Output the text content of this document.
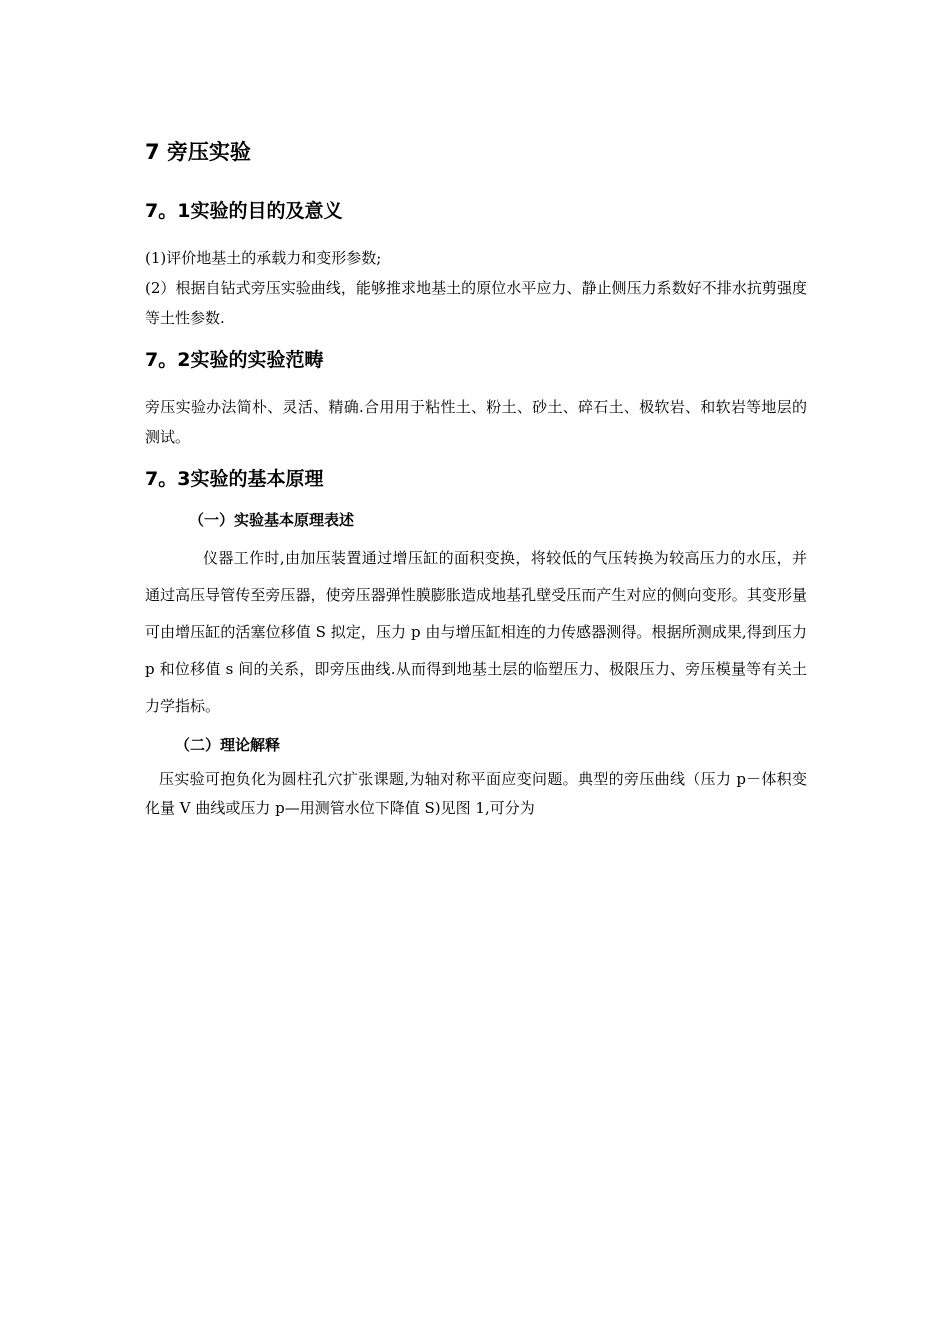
7 旁压实验
7。1实验的目的及意义

(1)评价地基土的承载力和变形参数;

(2）根据自钻式旁压实验曲线，能够推求地基土的原位水平应力、静止侧压力系数好不排水抗剪强度等土性参数.

7。2实验的实验范畴

旁压实验办法简朴、灵活、精确.合用用于粘性土、粉土、砂土、碎石土、极软岩、和软岩等地层的测试。

7。3实验的基本原理
（一）实验基本原理表述

仪器工作时,由加压装置通过增压缸的面积变换，将较低的气压转换为较高压力的水压，并通过高压导管传至旁压器，使旁压器弹性膜膨胀造成地基孔壁受压而产生对应的侧向变形。其变形量可由增压缸的活塞位移值 S 拟定，压力 p 由与增压缸相连的力传感器测得。根据所测成果,得到压力 p 和位移值 s 间的关系，即旁压曲线.从而得到地基土层的临塑压力、极限压力、旁压模量等有关土力学指标。

（二）理论解释

压实验可抱负化为圆柱孔穴扩张课题,为轴对称平面应变问题。典型的旁压曲线（压力 p－体积变化量 V 曲线或压力 p—用测管水位下降值 S)见图 1,可分为
